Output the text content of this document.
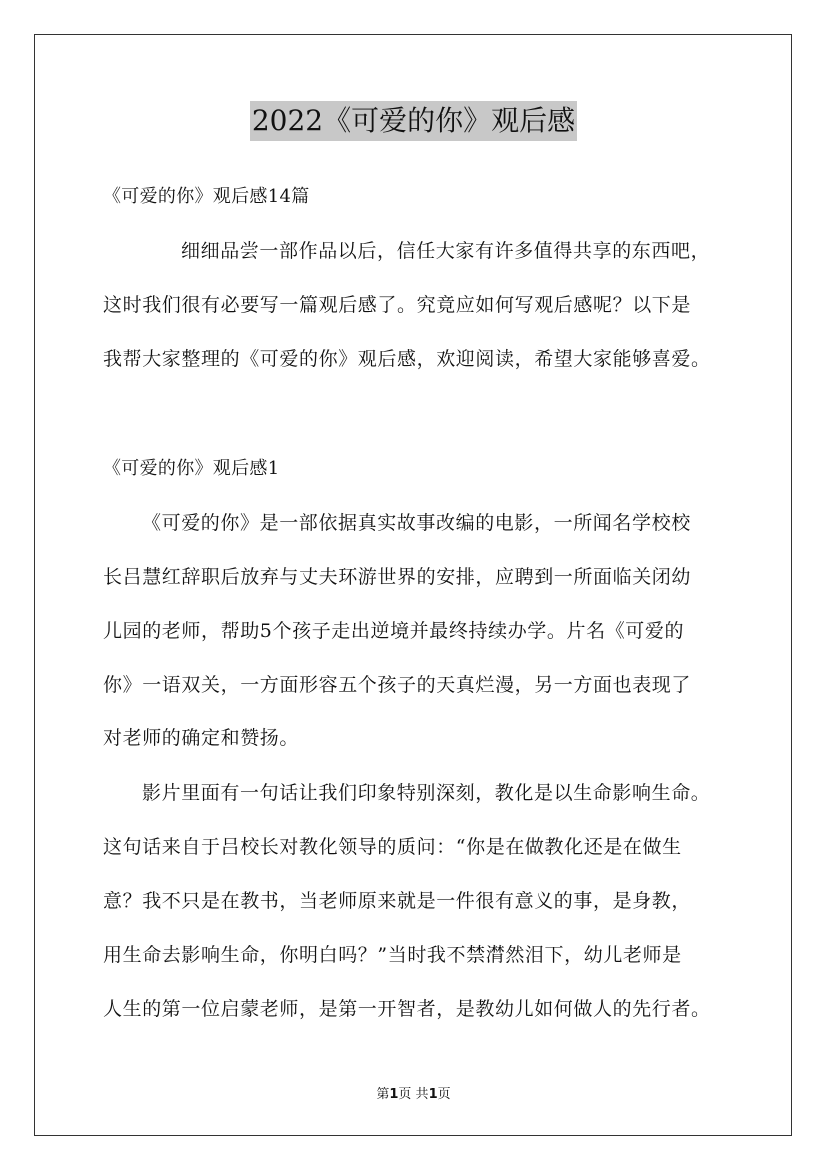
2022《可爱的你》观后感
《可爱的你》观后感14篇
细细品尝一部作品以后，信任大家有许多值得共享的东西吧，
这时我们很有必要写一篇观后感了。究竟应如何写观后感呢？以下是
我帮大家整理的《可爱的你》观后感，欢迎阅读，希望大家能够喜爱。
《可爱的你》观后感1
《可爱的你》是一部依据真实故事改编的电影，一所闻名学校校
长吕慧红辞职后放弃与丈夫环游世界的安排，应聘到一所面临关闭幼
儿园的老师，帮助5个孩子走出逆境并最终持续办学。片名《可爱的
你》一语双关，一方面形容五个孩子的天真烂漫，另一方面也表现了
对老师的确定和赞扬。
影片里面有一句话让我们印象特别深刻，教化是以生命影响生命。
这句话来自于吕校长对教化领导的质问：“你是在做教化还是在做生
意？我不只是在教书，当老师原来就是一件很有意义的事，是身教，
用生命去影响生命，你明白吗？”当时我不禁潸然泪下，幼儿老师是
人生的第一位启蒙老师，是第一开智者，是教幼儿如何做人的先行者。
第1页 共1页
